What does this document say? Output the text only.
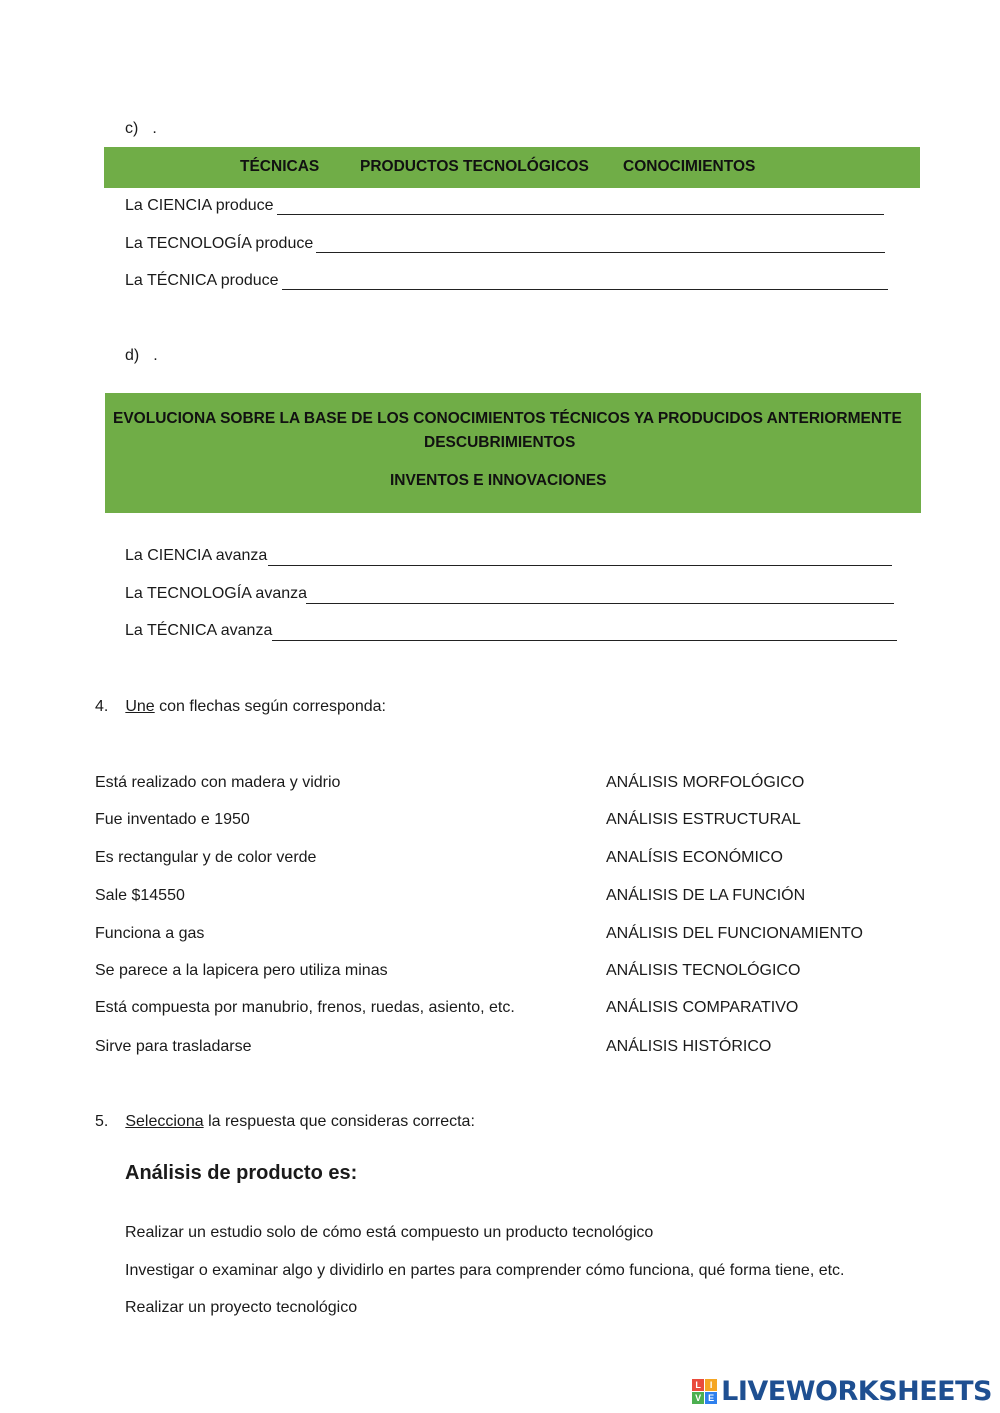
c) .
TÉCNICAS	PRODUCTOS TECNOLÓGICOS CONOCIMIENTOS
La CIENCIA produce
La TECNOLOGÍA produce
La TÉCNICA produce
d) .
EVOLUCIONA SOBRE LA BASE DE LOS CONOCIMIENTOS TÉCNICOS YA PRODUCIDOS ANTERIORMENTE
DESCUBRIMIENTOS
INVENTOS E INNOVACIONES
La CIENCIA avanza
La TECNOLOGÍA avanza
La TÉCNICA avanza
4. Une con flechas según corresponda:
Está realizado con madera y vidrio
Fue inventado e 1950
Es rectangular y de color verde
Sale $14550
Funciona a gas
Se parece a la lapicera pero utiliza minas
Está compuesta por manubrio, frenos, ruedas, asiento, etc.
Sirve para trasladarse
ANÁLISIS MORFOLÓGICO
ANÁLISIS ESTRUCTURAL
ANALÍSIS ECONÓMICO
ANÁLISIS DE LA FUNCIÓN
ANÁLISIS DEL FUNCIONAMIENTO
ANÁLISIS TECNOLÓGICO
ANÁLISIS COMPARATIVO
ANÁLISIS HISTÓRICO
5. Selecciona la respuesta que consideras correcta:
Análisis de producto es:
Realizar un estudio solo de cómo está compuesto un producto tecnológico
Investigar o examinar algo y dividirlo en partes para comprender cómo funciona, qué forma tiene, etc.
Realizar un proyecto tecnológico
L I
V E LIVEWORKSHEETS
